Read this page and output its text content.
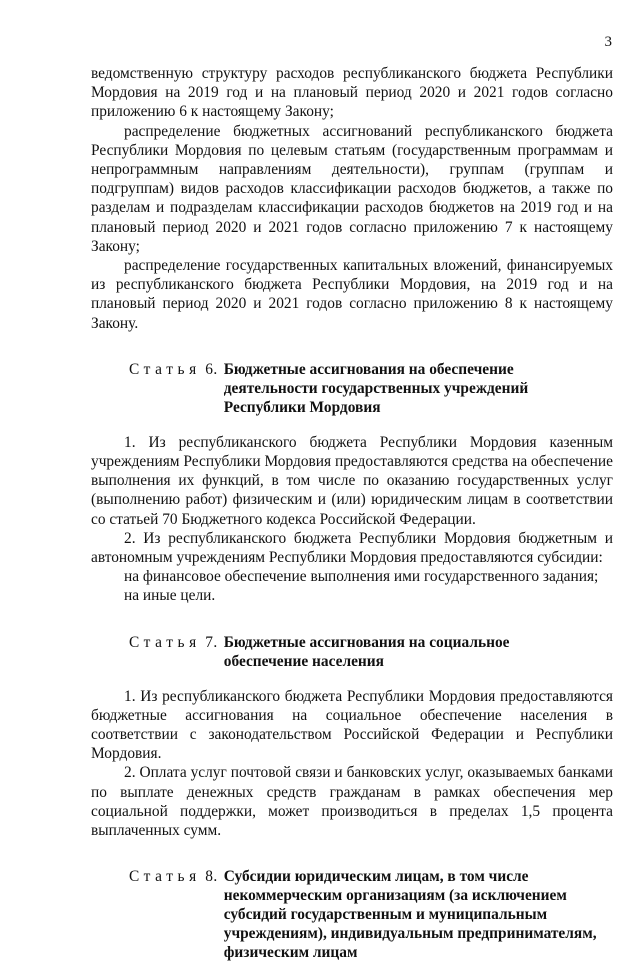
3

ведомственную структуру расходов республиканского бюджета Республики Мордовия на 2019 год и на плановый период 2020 и 2021 годов согласно приложению 6 к настоящему Закону;

распределение бюджетных ассигнований республиканского бюджета Республики Мордовия по целевым статьям (государственным программам и непрограммным направлениям деятельности), группам (группам и подгруппам) видов расходов классификации расходов бюджетов, а также по разделам и подразделам классификации расходов бюджетов на 2019 год и на плановый период 2020 и 2021 годов согласно приложению 7 к настоящему Закону;

распределение государственных капитальных вложений, финансируемых из республиканского бюджета Республики Мордовия, на 2019 год и на плановый период 2020 и 2021 годов согласно приложению 8 к настоящему Закону.

Статья 6. Бюджетные ассигнования на обеспечение
деятельности государственных учреждений
Республики Мордовия

1. Из республиканского бюджета Республики Мордовия казенным учреждениям Республики Мордовия предоставляются средства на обеспечение выполнения их функций, в том числе по оказанию государственных услуг (выполнению работ) физическим и (или) юридическим лицам в соответствии со статьей 70 Бюджетного кодекса Российской Федерации.

2. Из республиканского бюджета Республики Мордовия бюджетным и автономным учреждениям Республики Мордовия предоставляются субсидии:

на финансовое обеспечение выполнения ими государственного задания;

на иные цели.

Статья 7. Бюджетные ассигнования на социальное
обеспечение населения

1. Из республиканского бюджета Республики Мордовия предоставляются бюджетные ассигнования на социальное обеспечение населения в соответствии с законодательством Российской Федерации и Республики Мордовия.

2. Оплата услуг почтовой связи и банковских услуг, оказываемых банками по выплате денежных средств гражданам в рамках обеспечения мер социальной поддержки, может производиться в пределах 1,5 процента выплаченных сумм.

Статья 8. Субсидии юридическим лицам, в том числе
некоммерческим организациям (за исключением
субсидий государственным и муниципальным
учреждениям), индивидуальным предпринимателям,
физическим лицам
